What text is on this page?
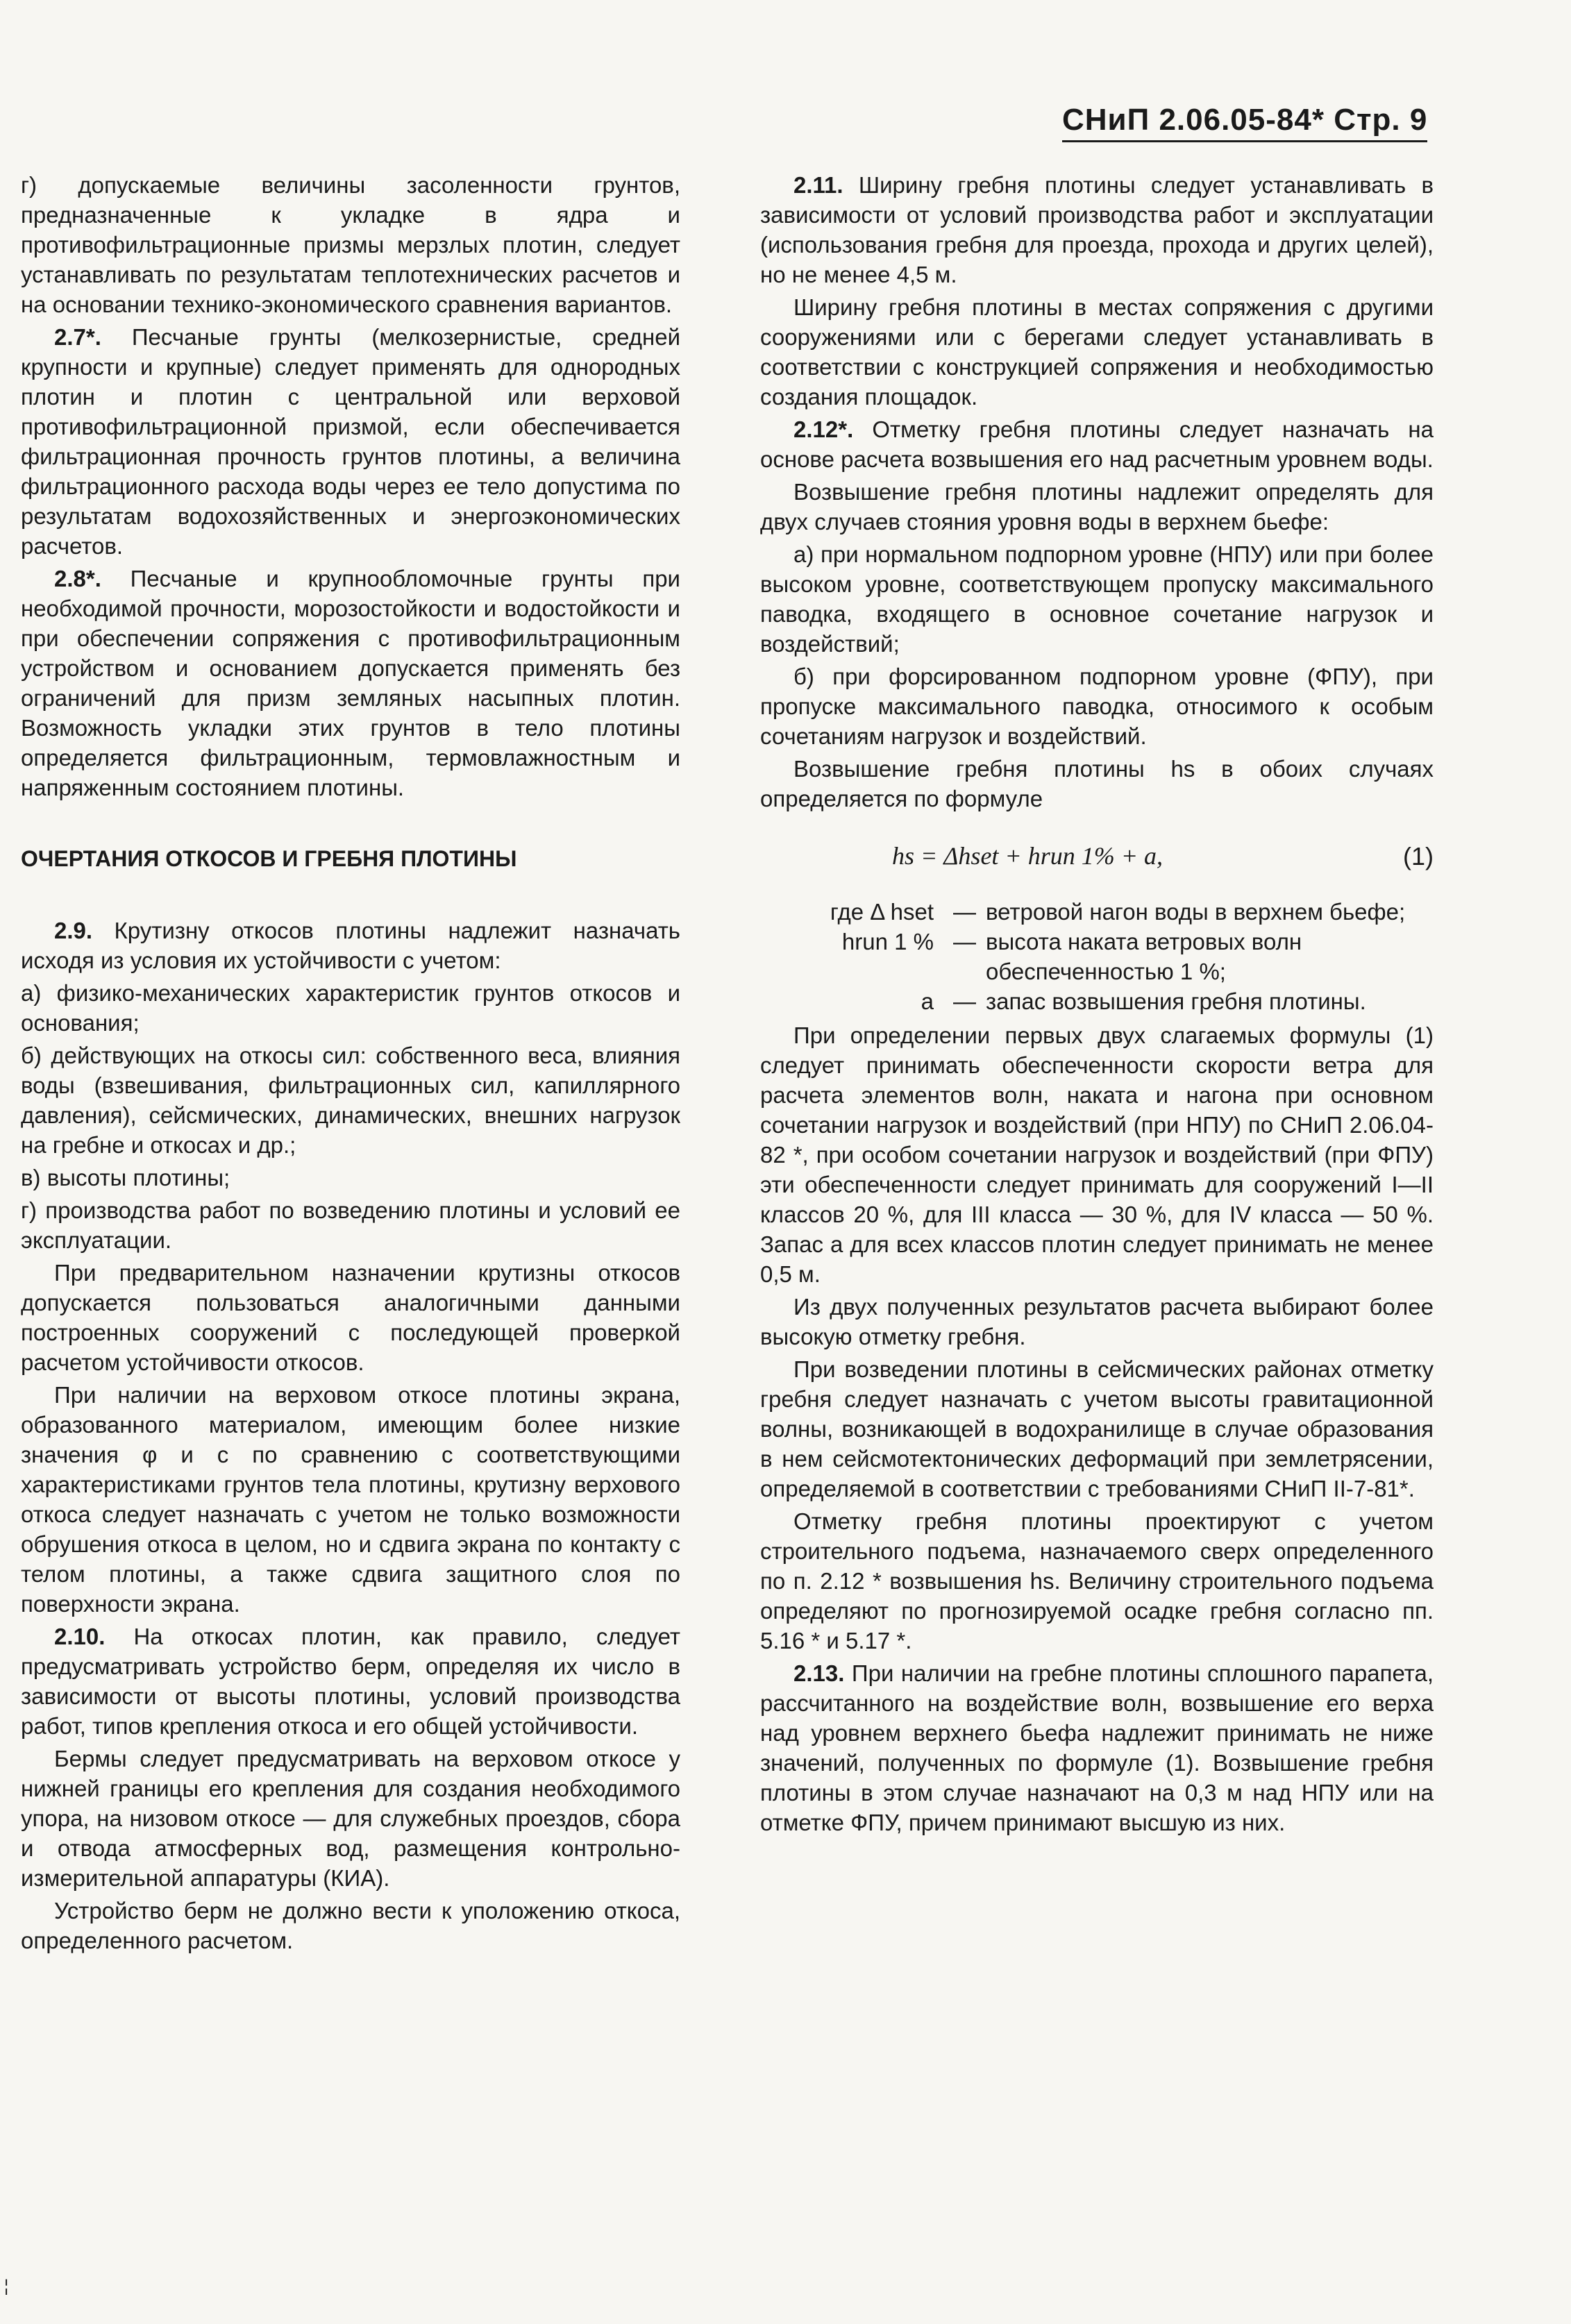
СНиП 2.06.05-84* Стр. 9

г) допускаемые величины засоленности грунтов, предназначенные к укладке в ядра и противофильтрационные призмы мерзлых плотин, следует устанавливать по результатам теплотехнических расчетов и на основании технико-экономического сравнения вариантов.

2.7*. Песчаные грунты (мелкозернистые, средней крупности и крупные) следует применять для однородных плотин и плотин с центральной или верховой противофильтрационной призмой, если обеспечивается фильтрационная прочность грунтов плотины, а величина фильтрационного расхода воды через ее тело допустима по результатам водохозяйственных и энергоэкономических расчетов.

2.8*. Песчаные и крупнообломочные грунты при необходимой прочности, морозостойкости и водостойкости и при обеспечении сопряжения с противофильтрационным устройством и основанием допускается применять без ограничений для призм земляных насыпных плотин. Возможность укладки этих грунтов в тело плотины определяется фильтрационным, термовлажностным и напряженным состоянием плотины.

ОЧЕРТАНИЯ ОТКОСОВ И ГРЕБНЯ ПЛОТИНЫ

2.9. Крутизну откосов плотины надлежит назначать исходя из условия их устойчивости с учетом:

а) физико-механических характеристик грунтов откосов и основания;

б) действующих на откосы сил: собственного веса, влияния воды (взвешивания, фильтрационных сил, капиллярного давления), сейсмических, динамических, внешних нагрузок на гребне и откосах и др.;

в) высоты плотины;

г) производства работ по возведению плотины и условий ее эксплуатации.

При предварительном назначении крутизны откосов допускается пользоваться аналогичными данными построенных сооружений с последующей проверкой расчетом устойчивости откосов.

При наличии на верховом откосе плотины экрана, образованного материалом, имеющим более низкие значения φ и c по сравнению с соответствующими характеристиками грунтов тела плотины, крутизну верхового откоса следует назначать с учетом не только возможности обрушения откоса в целом, но и сдвига экрана по контакту с телом плотины, а также сдвига защитного слоя по поверхности экрана.

2.10. На откосах плотин, как правило, следует предусматривать устройство берм, определяя их число в зависимости от высоты плотины, условий производства работ, типов крепления откоса и его общей устойчивости.

Бермы следует предусматривать на верховом откосе у нижней границы его крепления для создания необходимого упора, на низовом откосе — для служебных проездов, сбора и отвода атмосферных вод, размещения контрольно-измерительной аппаратуры (КИА).

Устройство берм не должно вести к уположению откоса, определенного расчетом.

2.11. Ширину гребня плотины следует устанавливать в зависимости от условий производства работ и эксплуатации (использования гребня для проезда, прохода и других целей), но не менее 4,5 м.

Ширину гребня плотины в местах сопряжения с другими сооружениями или с берегами следует устанавливать в соответствии с конструкцией сопряжения и необходимостью создания площадок.

2.12*. Отметку гребня плотины следует назначать на основе расчета возвышения его над расчетным уровнем воды.

Возвышение гребня плотины надлежит определять для двух случаев стояния уровня воды в верхнем бьефе:

а) при нормальном подпорном уровне (НПУ) или при более высоком уровне, соответствующем пропуску максимального паводка, входящего в основное сочетание нагрузок и воздействий;

б) при форсированном подпорном уровне (ФПУ), при пропуске максимального паводка, относимого к особым сочетаниям нагрузок и воздействий.

Возвышение гребня плотины hs в обоих случаях определяется по формуле

hs = Δhset + hrun 1% + a,	(1)
где Δ hset — ветровой нагон воды в верхнем бьефе;
hrun 1 % — высота наката ветровых волн обеспеченностью 1 %;
a — запас возвышения гребня плотины.

При определении первых двух слагаемых формулы (1) следует принимать обеспеченности скорости ветра для расчета элементов волн, наката и нагона при основном сочетании нагрузок и воздействий (при НПУ) по СНиП 2.06.04-82 *, при особом сочетании нагрузок и воздействий (при ФПУ) эти обеспеченности следует принимать для сооружений I—II классов 20 %, для III класса — 30 %, для IV класса — 50 %. Запас a для всех классов плотин следует принимать не менее 0,5 м.

Из двух полученных результатов расчета выбирают более высокую отметку гребня.

При возведении плотины в сейсмических районах отметку гребня следует назначать с учетом высоты гравитационной волны, возникающей в водохранилище в случае образования в нем сейсмотектонических деформаций при землетрясении, определяемой в соответствии с требованиями СНиП II-7-81*.

Отметку гребня плотины проектируют с учетом строительного подъема, назначаемого сверх определенного по п. 2.12 * возвышения hs. Величину строительного подъема определяют по прогнозируемой осадке гребня согласно пп. 5.16 * и 5.17 *.

2.13. При наличии на гребне плотины сплошного парапета, рассчитанного на воздействие волн, возвышение его верха над уровнем верхнего бьефа надлежит принимать не ниже значений, полученных по формуле (1). Возвышение гребня плотины в этом случае назначают на 0,3 м над НПУ или на отметке ФПУ, причем принимают высшую из них.

¦
